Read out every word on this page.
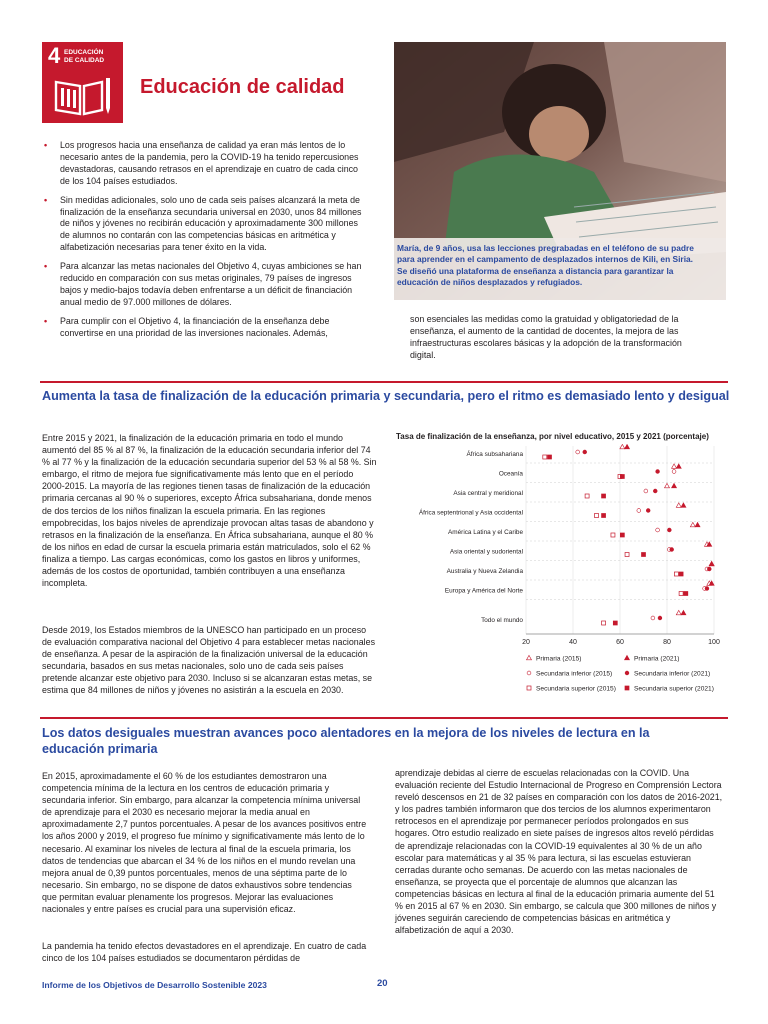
4 EDUCACIÓN
DE CALIDAD
Educación de calidad
María, de 9 años, usa las lecciones pregrabadas en el teléfono de su padre para aprender en el campamento de desplazados internos de Kili, en Siria. Se diseñó una plataforma de enseñanza a distancia para garantizar la educación de niños desplazados y refugiados.
• Los progresos hacia una enseñanza de calidad ya eran más lentos de lo necesario antes de la pandemia, pero la COVID-19 ha tenido repercusiones devastadoras, causando retrasos en el aprendizaje en cuatro de cada cinco de los 104 países estudiados.
• Sin medidas adicionales, solo uno de cada seis países alcanzará la meta de finalización de la enseñanza secundaria universal en 2030, unos 84 millones de niños y jóvenes no recibirán educación y aproximadamente 300 millones de alumnos no contarán con las competencias básicas en aritmética y alfabetización necesarias para tener éxito en la vida.
• Para alcanzar las metas nacionales del Objetivo 4, cuyas ambiciones se han reducido en comparación con sus metas originales, 79 países de ingresos bajos y medio-bajos todavía deben enfrentarse a un déficit de financiación anual medio de 97.000 millones de dólares.
• Para cumplir con el Objetivo 4, la financiación de la enseñanza debe convertirse en una prioridad de las inversiones nacionales. Además,
son esenciales las medidas como la gratuidad y obligatoriedad de la enseñanza, el aumento de la cantidad de docentes, la mejora de las infraestructuras escolares básicas y la adopción de la transformación digital.
Aumenta la tasa de finalización de la educación primaria y secundaria, pero el ritmo es demasiado lento y desigual

Entre 2015 y 2021, la finalización de la educación primaria en todo el mundo aumentó del 85 % al 87 %, la finalización de la educación secundaria inferior del 74 % al 77 % y la finalización de la educación secundaria superior del 53 % al 58 %. Sin embargo, el ritmo de mejora fue significativamente más lento que en el período 2000-2015. La mayoría de las regiones tienen tasas de finalización de la educación primaria cercanas al 90 % o superiores, excepto África subsahariana, donde menos de dos tercios de los niños finalizan la escuela primaria. En las regiones empobrecidas, los bajos niveles de aprendizaje provocan altas tasas de abandono y retrasos en la finalización de la enseñanza. En África subsahariana, aunque el 80 % de los niños en edad de cursar la escuela primaria están matriculados, solo el 62 % finaliza a tiempo. Las cargas económicas, como los gastos en libros y uniformes, además de los costos de oportunidad, también contribuyen a una enseñanza incompleta.

Desde 2019, los Estados miembros de la UNESCO han participado en un proceso de evaluación comparativa nacional del Objetivo 4 para establecer metas nacionales de enseñanza. A pesar de la aspiración de la finalización universal de la educación secundaria, basados en sus metas nacionales, solo uno de cada seis países pretende alcanzar este objetivo para 2030. Incluso si se alcanzaran estas metas, se estima que 84 millones de niños y jóvenes no asistirán a la escuela en 2030.

Tasa de finalización de la enseñanza, por nivel educativo, 2015 y 2021 (porcentaje)
África subsahariana
Oceanía
Asia central y meridional
África septentrional y Asia occidental
América Latina y el Caribe
Asia oriental y sudoriental
Australia y Nueva Zelandia
Europa y América del Norte
Todo el mundo
20	40	60	80	100
Primaria (2015)	Primaria (2021)
Secundaria inferior (2015)	Secundaria inferior (2021)
Secundaria superior (2015)	Secundaria superior (2021)
Los datos desiguales muestran avances poco alentadores en la mejora de los niveles de lectura en la educación primaria

En 2015, aproximadamente el 60 % de los estudiantes demostraron una competencia mínima de la lectura en los centros de educación primaria y secundaria inferior. Sin embargo, para alcanzar la competencia mínima universal de aprendizaje para el 2030 es necesario mejorar la media anual en aproximadamente 2,7 puntos porcentuales. A pesar de los avances positivos entre los años 2000 y 2019, el progreso fue mínimo y significativamente más lento de lo necesario. Al examinar los niveles de lectura al final de la escuela primaria, los datos de tendencias que abarcan el 34 % de los niños en el mundo revelan una mejora anual de 0,39 puntos porcentuales, menos de una séptima parte de lo necesario. Sin embargo, no se dispone de datos exhaustivos sobre tendencias que permitan evaluar plenamente los progresos. Mejorar las evaluaciones nacionales y entre países es crucial para una supervisión eficaz.

La pandemia ha tenido efectos devastadores en el aprendizaje. En cuatro de cada cinco de los 104 países estudiados se documentaron pérdidas de

aprendizaje debidas al cierre de escuelas relacionadas con la COVID. Una evaluación reciente del Estudio Internacional de Progreso en Comprensión Lectora reveló descensos en 21 de 32 países en comparación con los datos de 2016-2021, y los padres también informaron que dos tercios de los alumnos experimentaron retrocesos en el aprendizaje por permanecer períodos prolongados en sus hogares. Otro estudio realizado en siete países de ingresos altos reveló pérdidas de aprendizaje relacionadas con la COVID-19 equivalentes al 30 % de un año escolar para matemáticas y al 35 % para lectura, si las escuelas estuvieran cerradas durante ocho semanas. De acuerdo con las metas nacionales de enseñanza, se proyecta que el porcentaje de alumnos que alcanzan las competencias básicas en lectura al final de la educación primaria aumente del 51 % en 2015 al 67 % en 2030. Sin embargo, se calcula que 300 millones de niños y jóvenes seguirán careciendo de competencias básicas en aritmética y alfabetización de aquí a 2030.

Informe de los Objetivos de Desarrollo Sostenible 2023	20
